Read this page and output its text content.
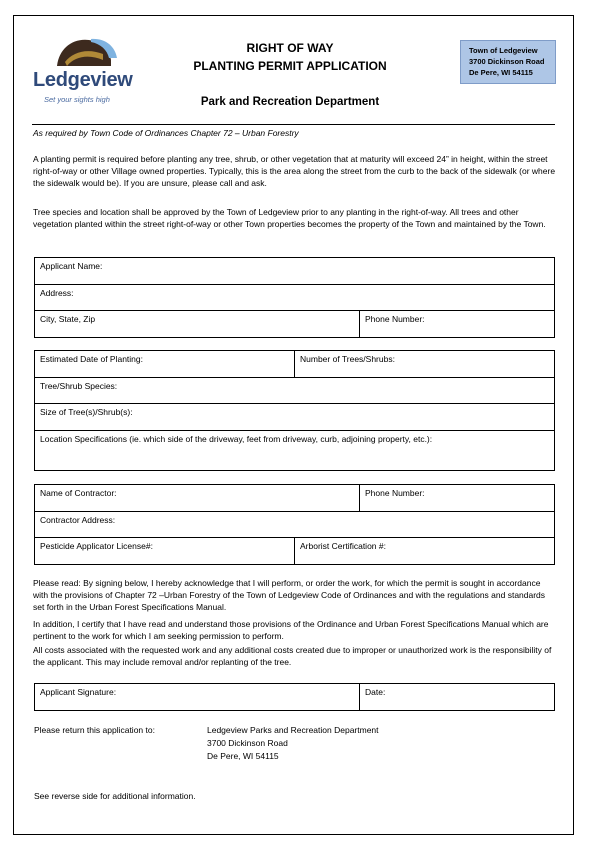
Ledgeview
Set your sights high
RIGHT OF WAY
PLANTING PERMIT APPLICATION
Park and Recreation Department
Town of Ledgeview
3700 Dickinson Road
De Pere, WI 54115
As required by Town Code of Ordinances Chapter 72 – Urban Forestry
A planting permit is required before planting any tree, shrub, or other vegetation that at maturity will exceed 24” in height, within the street right-of-way or other Village owned properties. Typically, this is the area along the street from the curb to the back of the sidewalk (or where the sidewalk would be). If you are unsure, please call and ask.
Tree species and location shall be approved by the Town of Ledgeview prior to any planting in the right-of-way. All trees and other vegetation planted within the street right-of-way or other Town properties becomes the property of the Town and maintained by the Town.
Applicant Name:
Address:
City, State, Zip	Phone Number:
Estimated Date of Planting:	Number of Trees/Shrubs:
Tree/Shrub Species:
Size of Tree(s)/Shrub(s):
Location Specifications (ie. which side of the driveway, feet from driveway, curb, adjoining property, etc.):
Name of Contractor:		Phone Number:
Contractor Address:		
Pesticide Applicator License#:	Arborist Certification #:	
Please read: By signing below, I hereby acknowledge that I will perform, or order the work, for which the permit is sought in accordance with the provisions of Chapter 72 –Urban Forestry of the Town of Ledgeview Code of Ordinances and with the regulations and standards set forth in the Urban Forest Specifications Manual.
In addition, I certify that I have read and understand those provisions of the Ordinance and Urban Forest Specifications Manual which are pertinent to the work for which I am seeking permission to perform.
All costs associated with the requested work and any additional costs created due to improper or unauthorized work is the responsibility of the applicant. This may include removal and/or replanting of the tree.
Applicant Signature:	Date:
Please return this application to:	Ledgeview Parks and Recreation Department
3700 Dickinson Road
De Pere, WI 54115
See reverse side for additional information.
